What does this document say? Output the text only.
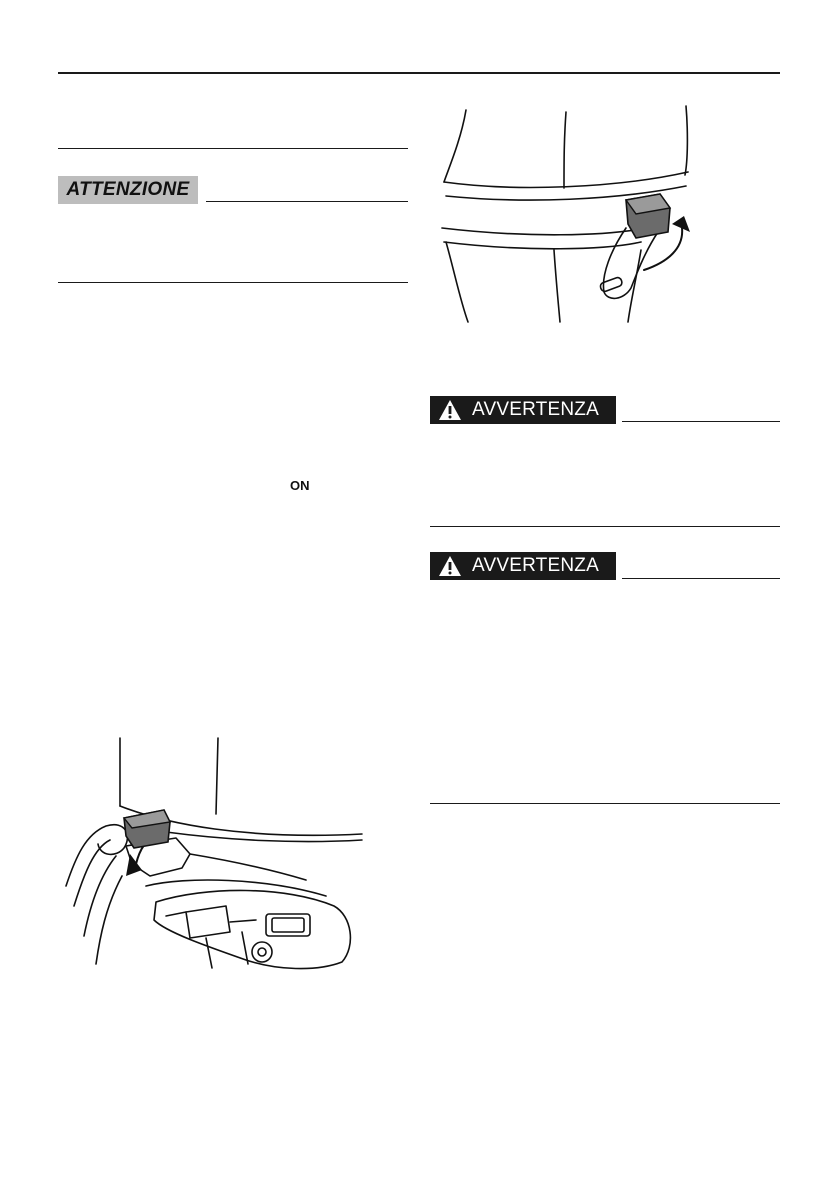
ATTENZIONE
ON
AVVERTENZA
AVVERTENZA
